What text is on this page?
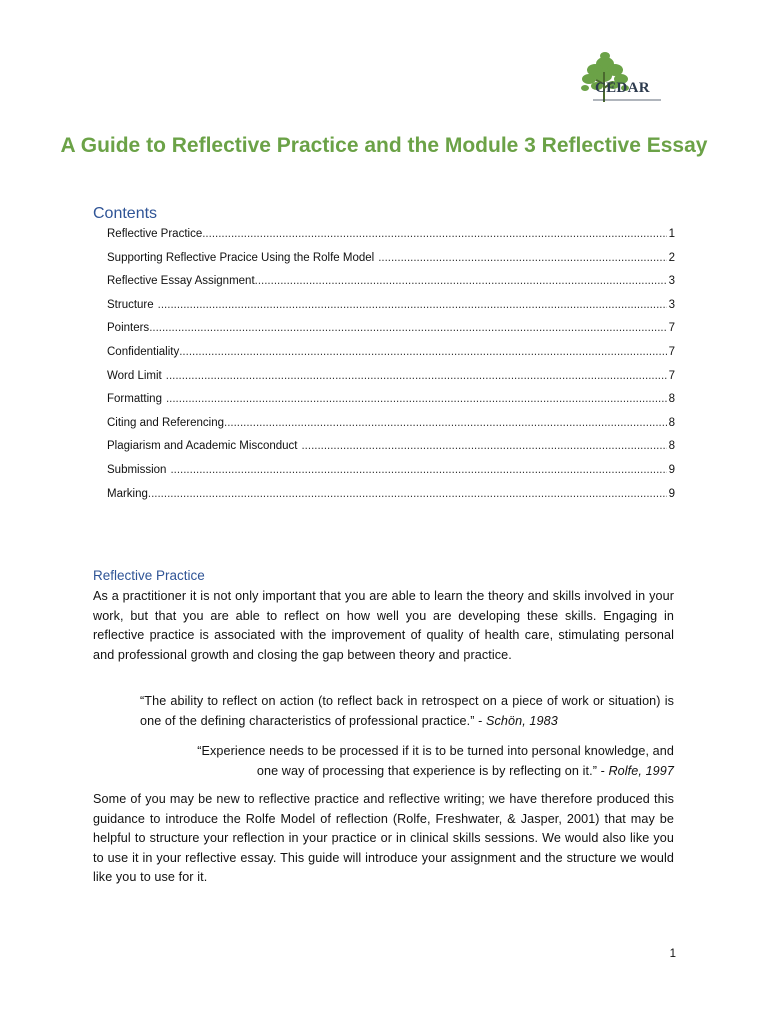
CEDAR
A Guide to Reflective Practice and the Module 3 Reflective Essay
Contents
Reflective Practice .....	1
Supporting Reflective Pracice Using the Rolfe Model .....	2
Reflective Essay Assignment .....	3
Structure .....	3
Pointers .....	7
Confidentiality .....	7
Word Limit .....	7
Formatting .....	8
Citing and Referencing .....	8
Plagiarism and Academic Misconduct .....	8
Submission .....	9
Marking .....	9
Reflective Practice

As a practitioner it is not only important that you are able to learn the theory and skills involved in your work, but that you are able to reflect on how well you are developing these skills. Engaging in reflective practice is associated with the improvement of quality of health care, stimulating personal and professional growth and closing the gap between theory and practice.

“The ability to reflect on action (to reflect back in retrospect on a piece of work or situation) is one of the defining characteristics of professional practice.” - Schön, 1983

“Experience needs to be processed if it is to be turned into personal knowledge, and
one way of processing that experience is by reflecting on it.” - Rolfe, 1997

Some of you may be new to reflective practice and reflective writing; we have therefore produced this guidance to introduce the Rolfe Model of reflection (Rolfe, Freshwater, & Jasper, 2001) that may be helpful to structure your reflection in your practice or in clinical skills sessions. We would also like you to use it in your reflective essay. This guide will introduce your assignment and the structure we would like you to use for it.

1
